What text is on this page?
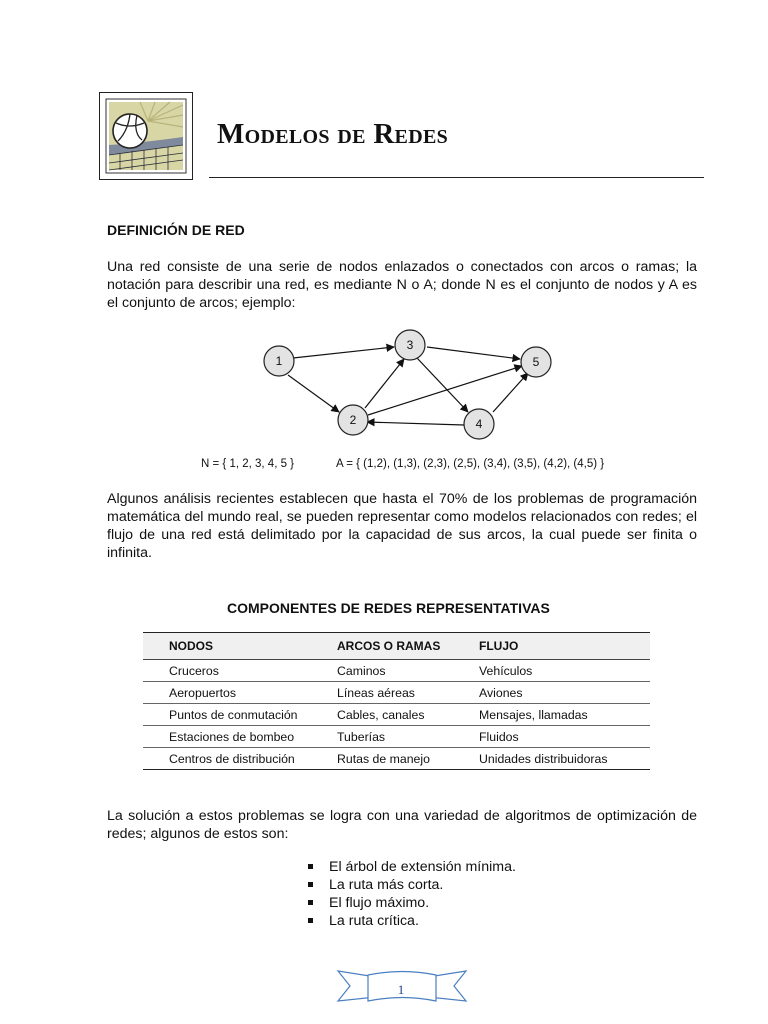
Modelos de Redes
DEFINICIÓN DE RED
Una red consiste de una serie de nodos enlazados o conectados con arcos o ramas; la notación para describir una red, es mediante N o A; donde N es el conjunto de nodos y A es el conjunto de arcos; ejemplo:
1
2
3
4
5
N = { 1, 2, 3, 4, 5 }	A = { (1,2), (1,3), (2,3), (2,5), (3,4), (3,5), (4,2), (4,5) }
Algunos análisis recientes establecen que hasta el 70% de los problemas de programación matemática del mundo real, se pueden representar como modelos relacionados con redes; el flujo de una red está delimitado por la capacidad de sus arcos, la cual puede ser finita o infinita.
COMPONENTES DE REDES REPRESENTATIVAS
NODOS	ARCOS O RAMAS	FLUJO
Cruceros	Caminos	Vehículos
Aeropuertos	Líneas aéreas	Aviones
Puntos de conmutación	Cables, canales	Mensajes, llamadas
Estaciones de bombeo	Tuberías	Fluidos
Centros de distribución	Rutas de manejo	Unidades distribuidoras
La solución a estos problemas se logra con una variedad de algoritmos de optimización de redes; algunos de estos son:
El árbol de extensión mínima.
La ruta más corta.
El flujo máximo.
La ruta crítica.
1
